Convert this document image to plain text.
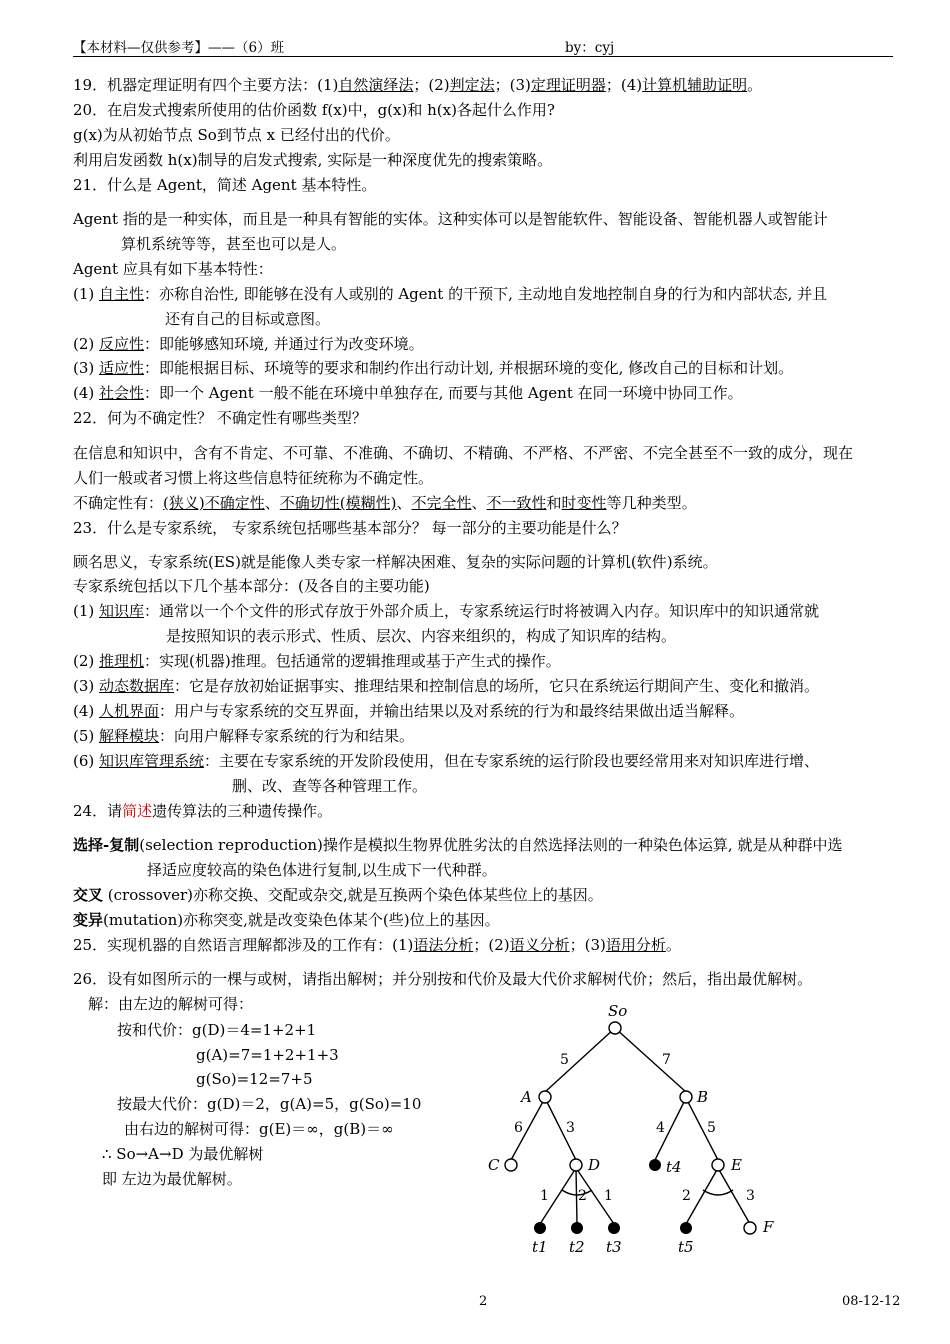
【本材料—仅供参考】——（6）班	by：cyj
19．机器定理证明有四个主要方法：(1)自然演绎法；(2)判定法；(3)定理证明器；(4)计算机辅助证明。
20．在启发式搜索所使用的估价函数 f(x)中，g(x)和 h(x)各起什么作用?
g(x)为从初始节点 So到节点 x 已经付出的代价。
利用启发函数 h(x)制导的启发式搜索, 实际是一种深度优先的搜索策略。
21．什么是 Agent，简述 Agent 基本特性。
Agent 指的是一种实体，而且是一种具有智能的实体。这种实体可以是智能软件、智能设备、智能机器人或智能计
算机系统等等，甚至也可以是人。
Agent 应具有如下基本特性：
(1) 自主性：亦称自治性, 即能够在没有人或别的 Agent 的干预下, 主动地自发地控制自身的行为和内部状态, 并且
还有自己的目标或意图。
(2) 反应性：即能够感知环境, 并通过行为改变环境。
(3) 适应性：即能根据目标、环境等的要求和制约作出行动计划, 并根据环境的变化, 修改自己的目标和计划。
(4) 社会性：即一个 Agent 一般不能在环境中单独存在, 而要与其他 Agent 在同一环境中协同工作。
22．何为不确定性？ 不确定性有哪些类型？
在信息和知识中，含有不肯定、不可靠、不准确、不确切、不精确、不严格、不严密、不完全甚至不一致的成分，现在
人们一般或者习惯上将这些信息特征统称为不确定性。
不确定性有：(狭义)不确定性、不确切性(模糊性)、不完全性、不一致性和时变性等几种类型。
23．什么是专家系统， 专家系统包括哪些基本部分？ 每一部分的主要功能是什么？
顾名思义，专家系统(ES)就是能像人类专家一样解决困难、复杂的实际问题的计算机(软件)系统。
专家系统包括以下几个基本部分：(及各自的主要功能)
(1) 知识库：通常以一个个文件的形式存放于外部介质上，专家系统运行时将被调入内存。知识库中的知识通常就
是按照知识的表示形式、性质、层次、内容来组织的，构成了知识库的结构。
(2) 推理机：实现(机器)推理。包括通常的逻辑推理或基于产生式的操作。
(3) 动态数据库：它是存放初始证据事实、推理结果和控制信息的场所，它只在系统运行期间产生、变化和撤消。
(4) 人机界面：用户与专家系统的交互界面，并输出结果以及对系统的行为和最终结果做出适当解释。
(5) 解释模块：向用户解释专家系统的行为和结果。
(6) 知识库管理系统：主要在专家系统的开发阶段使用，但在专家系统的运行阶段也要经常用来对知识库进行增、
删、改、查等各种管理工作。
24．请简述遗传算法的三种遗传操作。
选择-复制(selection reproduction)操作是模拟生物界优胜劣汰的自然选择法则的一种染色体运算, 就是从种群中选
择适应度较高的染色体进行复制,以生成下一代种群。
交叉 (crossover)亦称交换、交配或杂交,就是互换两个染色体某些位上的基因。
变异(mutation)亦称突变,就是改变染色体某个(些)位上的基因。
25．实现机器的自然语言理解都涉及的工作有：(1)语法分析；(2)语义分析；(3)语用分析。
26．设有如图所示的一棵与或树，请指出解树；并分别按和代价及最大代价求解树代价；然后，指出最优解树。
解：由左边的解树可得：
按和代价：g(D)＝4=1+2+1
g(A)=7=1+2+1+3
g(So)=12=7+5
按最大代价：g(D)＝2，g(A)=5，g(So)=10
由右边的解树可得：g(E)＝∞，g(B)＝∞
∴ So→A→D 为最优解树
即 左边为最优解树。
So
A	B
C	D	t4	E
F
t1 t2 t3	t5
5	7
6	3	4	5
1 2 1	2	3
2	08-12-12
